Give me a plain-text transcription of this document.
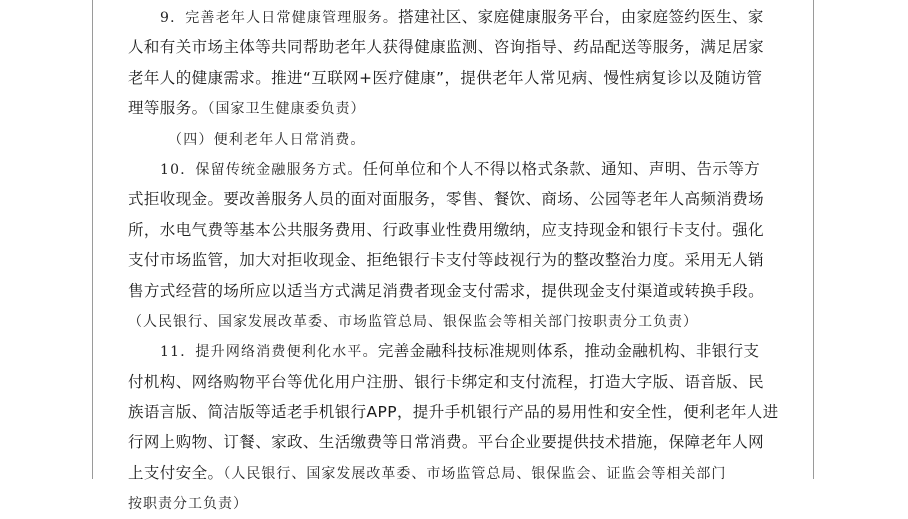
9．完善老年人日常健康管理服务。搭建社区、家庭健康服务平台，由家庭签约医生、家
人和有关市场主体等共同帮助老年人获得健康监测、咨询指导、药品配送等服务，满足居家
老年人的健康需求。推进“互联网+医疗健康”，提供老年人常见病、慢性病复诊以及随访管
理等服务。（国家卫生健康委负责）
（四）便利老年人日常消费。
10．保留传统金融服务方式。任何单位和个人不得以格式条款、通知、声明、告示等方
式拒收现金。要改善服务人员的面对面服务，零售、餐饮、商场、公园等老年人高频消费场
所，水电气费等基本公共服务费用、行政事业性费用缴纳，应支持现金和银行卡支付。强化
支付市场监管，加大对拒收现金、拒绝银行卡支付等歧视行为的整改整治力度。采用无人销
售方式经营的场所应以适当方式满足消费者现金支付需求，提供现金支付渠道或转换手段。
（人民银行、国家发展改革委、市场监管总局、银保监会等相关部门按职责分工负责）
11．提升网络消费便利化水平。完善金融科技标准规则体系，推动金融机构、非银行支
付机构、网络购物平台等优化用户注册、银行卡绑定和支付流程，打造大字版、语音版、民
族语言版、简洁版等适老手机银行APP，提升手机银行产品的易用性和安全性，便利老年人进
行网上购物、订餐、家政、生活缴费等日常消费。平台企业要提供技术措施，保障老年人网
上支付安全。（人民银行、国家发展改革委、市场监管总局、银保监会、证监会等相关部门
按职责分工负责）
